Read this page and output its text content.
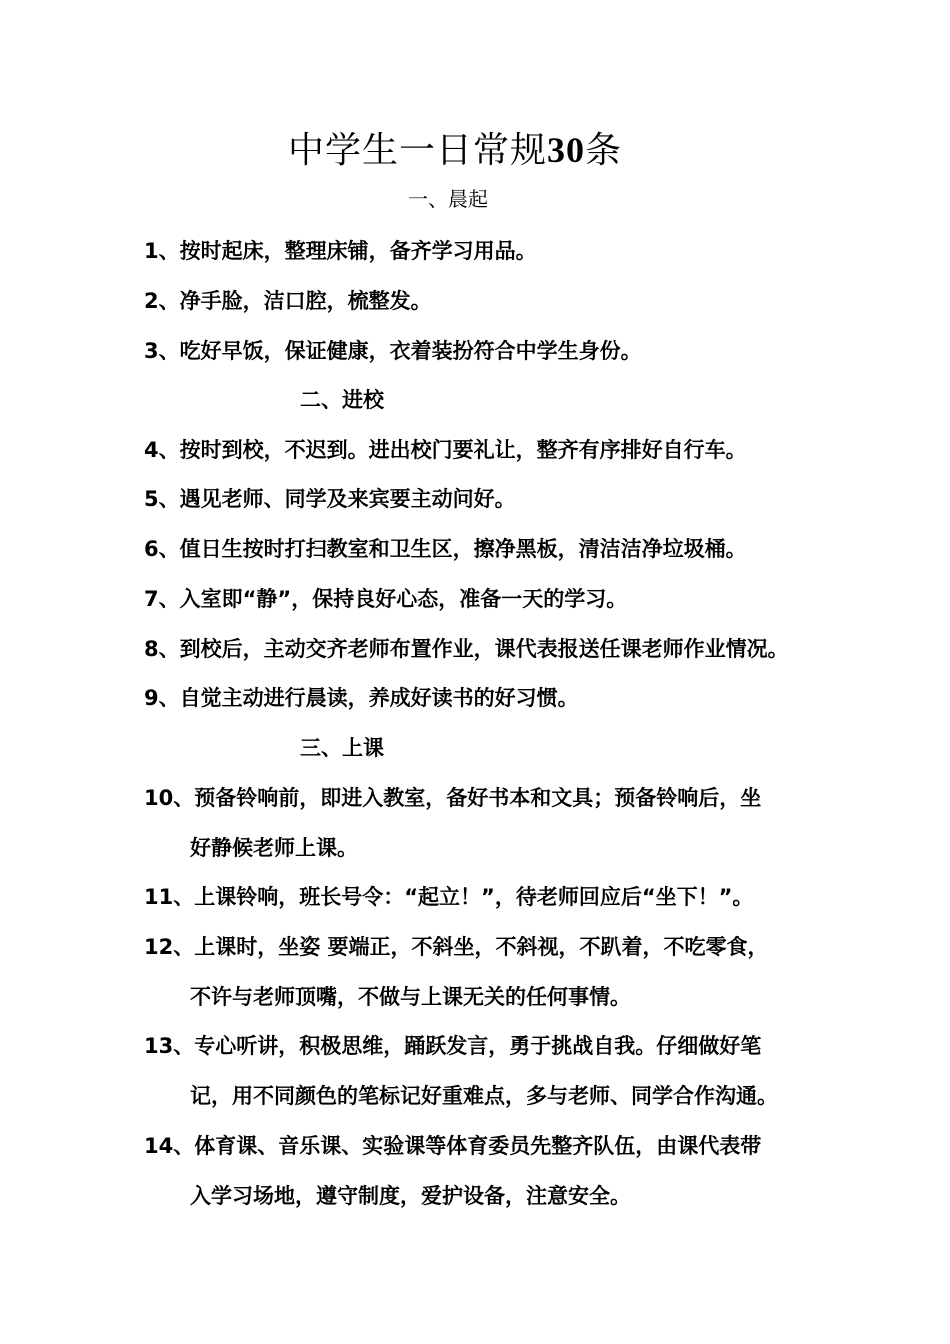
中学生一日常规30条
一、晨起
1、按时起床，整理床铺，备齐学习用品。
2、净手脸，洁口腔，梳整发。
3、吃好早饭，保证健康，衣着装扮符合中学生身份。
二、进校
4、按时到校，不迟到。进出校门要礼让，整齐有序排好自行车。
5、遇见老师、同学及来宾要主动问好。
6、值日生按时打扫教室和卫生区，擦净黑板，清洁洁净垃圾桶。
7、入室即“静”，保持良好心态，准备一天的学习。
8、到校后，主动交齐老师布置作业，课代表报送任课老师作业情况。
9、自觉主动进行晨读，养成好读书的好习惯。
三、上课
10、预备铃响前，即进入教室，备好书本和文具；预备铃响后，坐
好静候老师上课。
11、上课铃响，班长号令：“起立！”，待老师回应后“坐下！”。
12、上课时，坐姿 要端正，不斜坐，不斜视，不趴着，不吃零食，
不许与老师顶嘴，不做与上课无关的任何事情。
13、专心听讲，积极思维，踊跃发言，勇于挑战自我。仔细做好笔
记，用不同颜色的笔标记好重难点，多与老师、同学合作沟通。
14、体育课、音乐课、实验课等体育委员先整齐队伍，由课代表带
入学习场地，遵守制度，爱护设备，注意安全。
